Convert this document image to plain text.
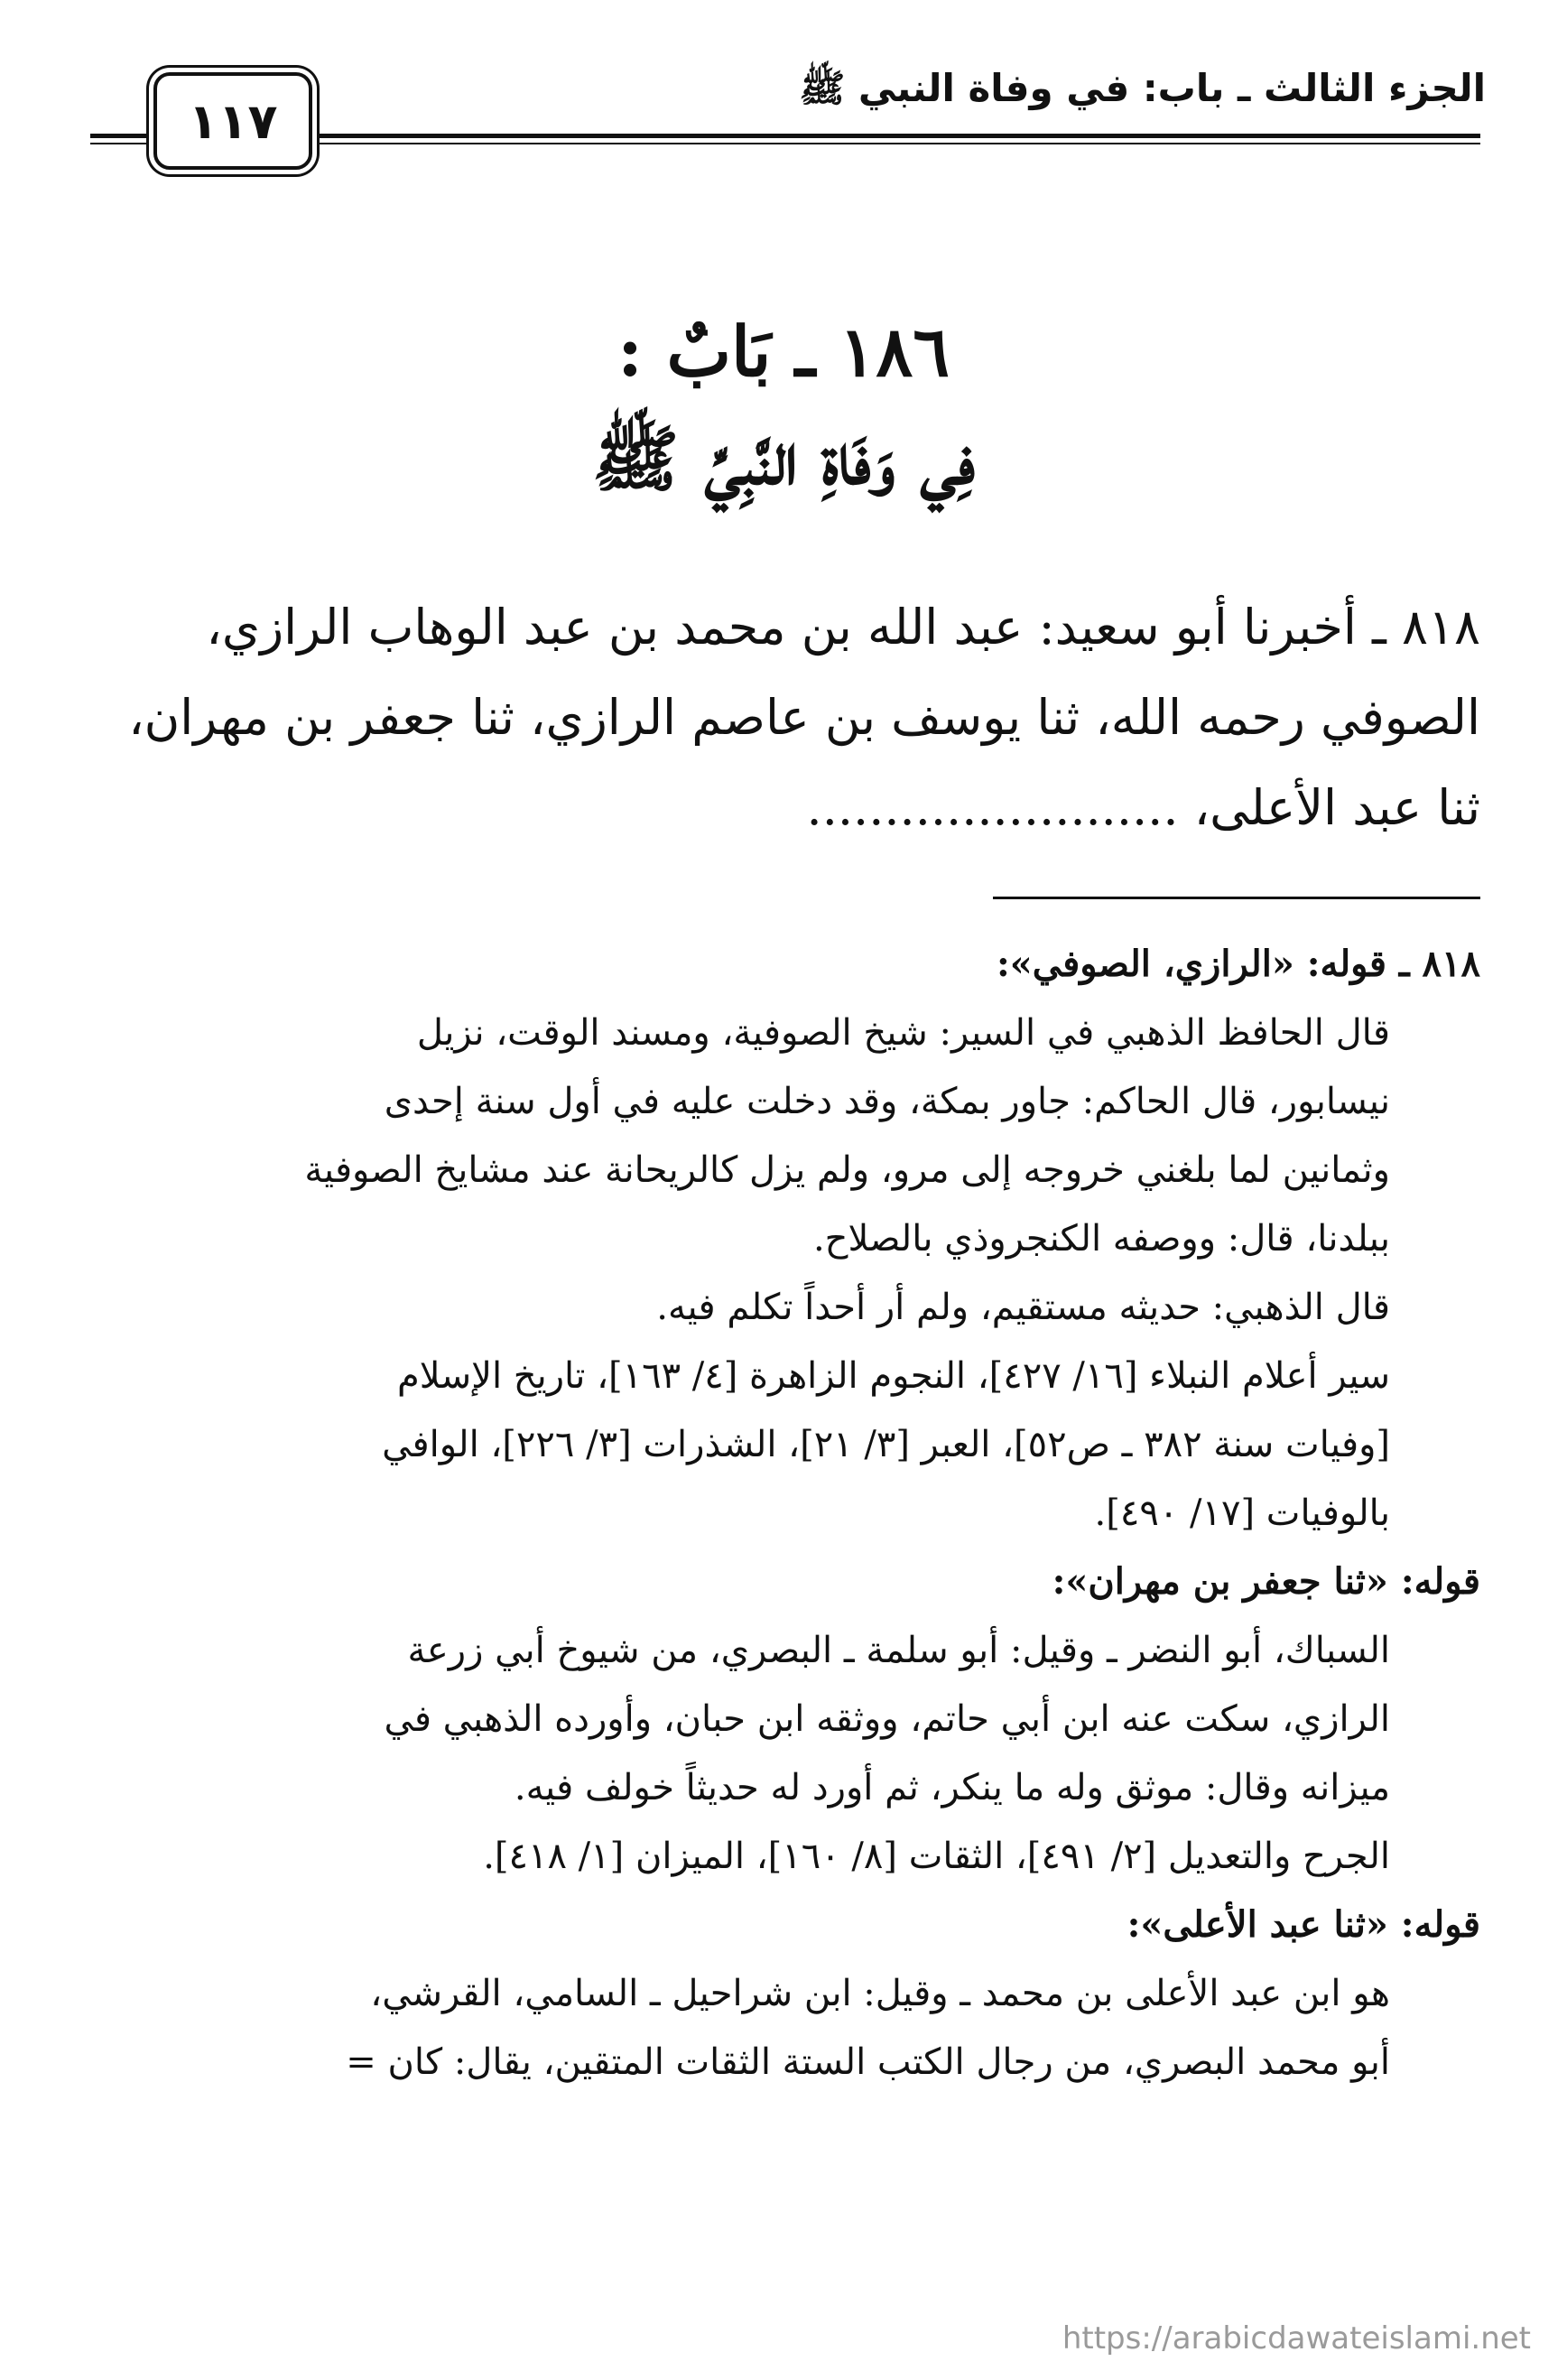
الجزء الثالث ـ باب: في وفاة النبي ﷺ
١١٧
١٨٦ ـ بَابٌ :
فِي وَفَاةِ النَّبِيِّ ﷺ
٨١٨ ـ أخبرنا أبو سعيد: عبد الله بن محمد بن عبد الوهاب الرازي،
الصوفي رحمه الله، ثنا يوسف بن عاصم الرازي، ثنا جعفر بن مهران،
ثنا عبد الأعلى، ........................
٨١٨ ـ قوله: «الرازي، الصوفي»:
قال الحافظ الذهبي في السير: شيخ الصوفية، ومسند الوقت، نزيل
نيسابور، قال الحاكم: جاور بمكة، وقد دخلت عليه في أول سنة إحدى
وثمانين لما بلغني خروجه إلى مرو، ولم يزل كالريحانة عند مشايخ الصوفية
ببلدنا، قال: ووصفه الكنجروذي بالصلاح.
قال الذهبي: حديثه مستقيم، ولم أر أحداً تكلم فيه.
سير أعلام النبلاء [١٦/ ٤٢٧]، النجوم الزاهرة [٤/ ١٦٣]، تاريخ الإسلام
[وفيات سنة ٣٨٢ ـ ص٥٢]، العبر [٣/ ٢١]، الشذرات [٣/ ٢٢٦]، الوافي
بالوفيات [١٧/ ٤٩٠].
قوله: «ثنا جعفر بن مهران»:
السباك، أبو النضر ـ وقيل: أبو سلمة ـ البصري، من شيوخ أبي زرعة
الرازي، سكت عنه ابن أبي حاتم، ووثقه ابن حبان، وأورده الذهبي في
ميزانه وقال: موثق وله ما ينكر، ثم أورد له حديثاً خولف فيه.
الجرح والتعديل [٢/ ٤٩١]، الثقات [٨/ ١٦٠]، الميزان [١/ ٤١٨].
قوله: «ثنا عبد الأعلى»:
هو ابن عبد الأعلى بن محمد ـ وقيل: ابن شراحيل ـ السامي، القرشي،
أبو محمد البصري، من رجال الكتب الستة الثقات المتقين، يقال: كان =
https://arabicdawateislami.net
